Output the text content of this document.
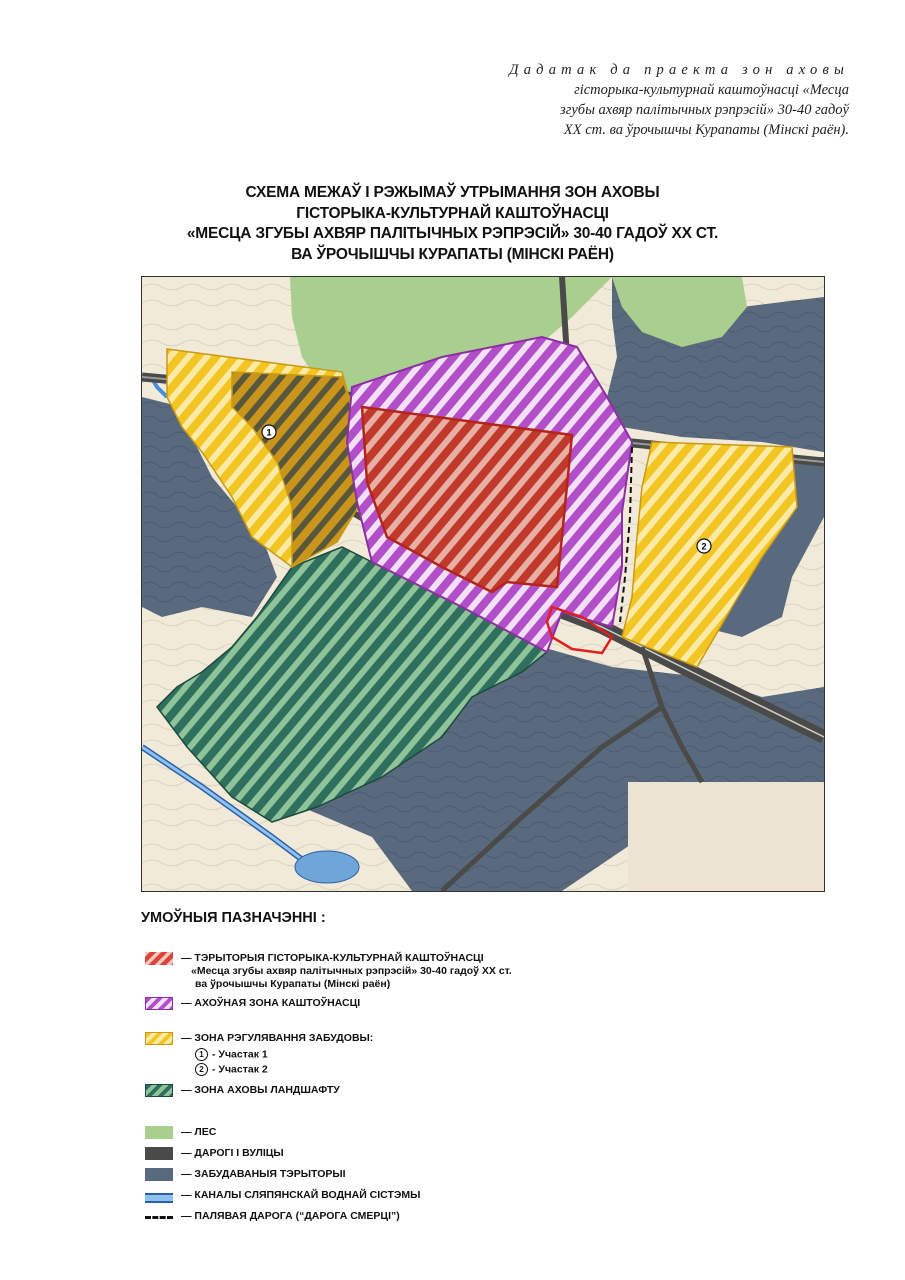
Дадатак да праекта зон аховы
гісторыка-культурнай каштоўнасці «Месца
згубы ахвяр палітычных рэпрэсій» 30-40 гадоў
XX ст. ва ўрочышчы Курапаты (Мінскі раён).
СХЕМА МЕЖАЎ І РЭЖЫМАЎ УТРЫМАННЯ ЗОН АХОВЫ
ГІСТОРЫКА-КУЛЬТУРНАЙ КАШТОЎНАСЦІ
«МЕСЦА ЗГУБЫ АХВЯР ПАЛІТЫЧНЫХ РЭПРЭСІЙ» 30-40 ГАДОЎ XX СТ.
ВА ЎРОЧЫШЧЫ КУРАПАТЫ (МІНСКІ РАЁН)
1
2
УМОЎНЫЯ ПАЗНАЧЭННІ :
— ТЭРЫТОРЫЯ ГІСТОРЫКА-КУЛЬТУРНАЙ КАШТОЎНАСЦІ
«Месца згубы ахвяр палітычных рэпрэсій» 30-40 гадоў XX ст.
ва ўрочышчы Курапаты (Мінскі раён)
— АХОЎНАЯ ЗОНА КАШТОЎНАСЦІ
— ЗОНА РЭГУЛЯВАННЯ ЗАБУДОВЫ:
1 - Участак 1
2 - Участак 2
— ЗОНА АХОВЫ ЛАНДШАФТУ
— ЛЕС
— ДАРОГІ І ВУЛІЦЫ
— ЗАБУДАВАНЫЯ ТЭРЫТОРЫІ
— КАНАЛЫ СЛЯПЯНСКАЙ ВОДНАЙ СІСТЭМЫ
— ПАЛЯВАЯ ДАРОГА (“ДАРОГА СМЕРЦІ”)
